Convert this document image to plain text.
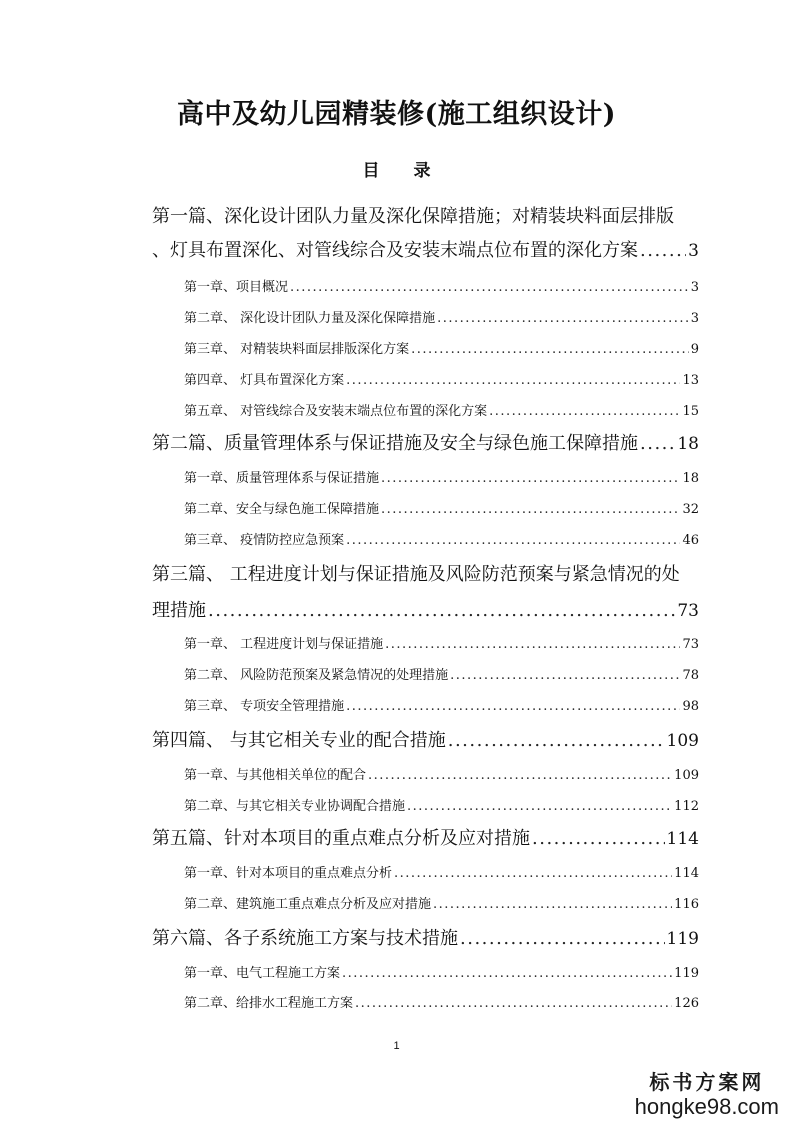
高中及幼儿园精装修(施工组织设计)
目 录
第一篇、深化设计团队力量及深化保障措施；对精装块料面层排版
、灯具布置深化、对管线综合及安装末端点位布置的深化方案 .....	3
第一章、项目概况 .....	3
第二章、 深化设计团队力量及深化保障措施 .....	3
第三章、 对精装块料面层排版深化方案 .....	9
第四章、 灯具布置深化方案 .....	13
第五章、 对管线综合及安装末端点位布置的深化方案 .....	15
第二篇、质量管理体系与保证措施及安全与绿色施工保障措施 ..... 18
第一章、质量管理体系与保证措施 .....	18
第二章、安全与绿色施工保障措施 .....	32
第三章、 疫情防控应急预案 .....	46
第三篇、 工程进度计划与保证措施及风险防范预案与紧急情况的处
理措施 .....	73
第一章、 工程进度计划与保证措施 .....	73
第二章、 风险防范预案及紧急情况的处理措施 .....	78
第三章、 专项安全管理措施 .....	98
第四篇、 与其它相关专业的配合措施 .....	109
第一章、与其他相关单位的配合 .....	109
第二章、与其它相关专业协调配合措施 .....	112
第五篇、针对本项目的重点难点分析及应对措施 .....	114
第一章、针对本项目的重点难点分析 .....	114
第二章、建筑施工重点难点分析及应对措施 .....	116
第六篇、各子系统施工方案与技术措施 .....	119
第一章、电气工程施工方案 .....	119
第二章、给排水工程施工方案 .....	126
1
标书方案网
hongke98.com
